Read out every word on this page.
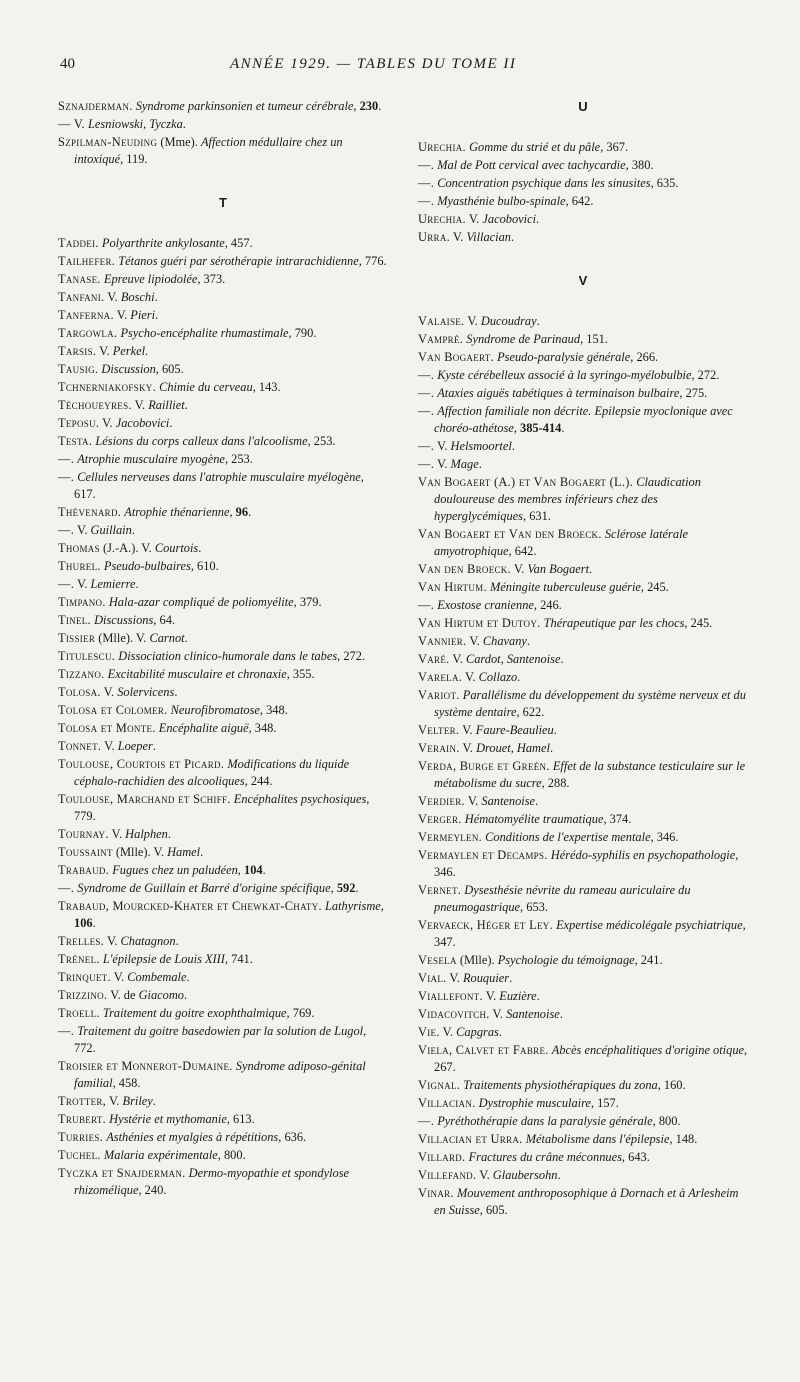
40	ANNÉE 1929. — TABLES DU TOME II
Sznajderman. Syndrome parkinsonien et tumeur cérébrale, 230.
— V. Lesniowski, Tyczka.
Szpilman-Neuding (Mme). Affection médullaire chez un intoxiqué, 119.
T
Taddei. Polyarthrite ankylosante, 457.
Tailhefer. Tétanos guéri par sérothérapie intrarachidienne, 776.
Tanase. Epreuve lipiodolée, 373.
Tanfani. V. Boschi.
Tanferna. V. Pieri.
Targowla. Psycho-encéphalite rhumastimale, 790.
Tarsis. V. Perkel.
Tausig. Discussion, 605.
Tchnerniakofsky. Chimie du cerveau, 143.
Téchoueyres. V. Railliet.
Teposu. V. Jacobovici.
Testa. Lésions du corps calleux dans l'alcoolisme, 253.
—. Atrophie musculaire myogène, 253.
—. Cellules nerveuses dans l'atrophie musculaire myélogène, 617.
Thévenard. Atrophie thénarienne, 96.
—. V. Guillain.
Thomas (J.-A.). V. Courtois.
Thurel. Pseudo-bulbaires, 610.
—. V. Lemierre.
Timpano. Hala-azar compliqué de poliomyélite, 379.
Tinel. Discussions, 64.
Tissier (Mlle). V. Carnot.
Titulescu. Dissociation clinico-humorale dans le tabes, 272.
Tizzano. Excitabilité musculaire et chronaxie, 355.
Tolosa. V. Solervicens.
Tolosa et Colomer. Neurofibromatose, 348.
Tolosa et Monte. Encéphalite aiguë, 348.
Tonnet. V. Loeper.
Toulouse, Courtois et Picard. Modifications du liquide céphalo-rachidien des alcooliques, 244.
Toulouse, Marchand et Schiff. Encéphalites psychosiques, 779.
Tournay. V. Halphen.
Toussaint (Mlle). V. Hamel.
Trabaud. Fugues chez un paludéen, 104.
—. Syndrome de Guillain et Barré d'origine spécifique, 592.
Trabaud, Mourcked-Khater et Chewkat-Chaty. Lathyrisme, 106.
Trelles. V. Chatagnon.
Trénel. L'épilepsie de Louis XIII, 741.
Trinquet. V. Combemale.
Trizzino. V. de Giacomo.
Troell. Traitement du goitre exophthalmique, 769.
—. Traitement du goitre basedowien par la solution de Lugol, 772.
Troisier et Monnerot-Dumaine. Syndrome adiposo-génital familial, 458.
Trotter, V. Briley.
Trubert. Hystérie et mythomanie, 613.
Turries. Asthénies et myalgies à répétitions, 636.
Tuchel. Malaria expérimentale, 800.
Tyczka et Snajderman. Dermo-myopathie et spondylose rhizomélique, 240.
U
Urechia. Gomme du strié et du pâle, 367.
—. Mal de Pott cervical avec tachycardie, 380.
—. Concentration psychique dans les sinusites, 635.
—. Myasthénie bulbo-spinale, 642.
Urechia. V. Jacobovici.
Urra. V. Villacian.
V
Valaise. V. Ducoudray.
Vampré. Syndrome de Parinaud, 151.
Van Bogaert. Pseudo-paralysie générale, 266.
—. Kyste cérébelleux associé à la syringo-myélobulbie, 272.
—. Ataxies aiguës tabétiques à terminaison bulbaire, 275.
—. Affection familiale non décrite. Epilepsie myoclonique avec choréo-athétose, 385-414.
—. V. Helsmoortel.
—. V. Mage.
Van Bogaert (A.) et Van Bogaert (L.). Claudication douloureuse des membres inférieurs chez des hyperglycémiques, 631.
Van Bogaert et Van den Broeck. Sclérose latérale amyotrophique, 642.
Van den Broeck. V. Van Bogaert.
Van Hirtum. Méningite tuberculeuse guérie, 245.
—. Exostose cranienne, 246.
Van Hirtum et Dutoy. Thérapeutique par les chocs, 245.
Vannier. V. Chavany.
Varé. V. Cardot, Santenoise.
Varela. V. Collazo.
Variot. Parallélisme du développement du système nerveux et du système dentaire, 622.
Velter. V. Faure-Beaulieu.
Verain. V. Drouet, Hamel.
Verda, Burge et Greén. Effet de la substance testiculaire sur le métabolisme du sucre, 288.
Verdier. V. Santenoise.
Verger. Hématomyélite traumatique, 374.
Vermeylen. Conditions de l'expertise mentale, 346.
Vermaylen et Decamps. Hérédo-syphilis en psychopathologie, 346.
Vernet. Dysesthésie névrite du rameau auriculaire du pneumogastrique, 653.
Vervaeck, Héger et Ley. Expertise médicolégale psychiatrique, 347.
Vesela (Mlle). Psychologie du témoignage, 241.
Vial. V. Rouquier.
Viallefont. V. Euzière.
Vidacovitch. V. Santenoise.
Vie. V. Capgras.
Viela, Calvet et Fabre. Abcès encéphalitiques d'origine otique, 267.
Vignal. Traitements physiothérapiques du zona, 160.
Villacian. Dystrophie musculaire, 157.
—. Pyréthothérapie dans la paralysie générale, 800.
Villacian et Urra. Métabolisme dans l'épilepsie, 148.
Villard. Fractures du crâne méconnues, 643.
Villefand. V. Glaubersohn.
Vinar. Mouvement anthroposophique à Dornach et à Arlesheim en Suisse, 605.
